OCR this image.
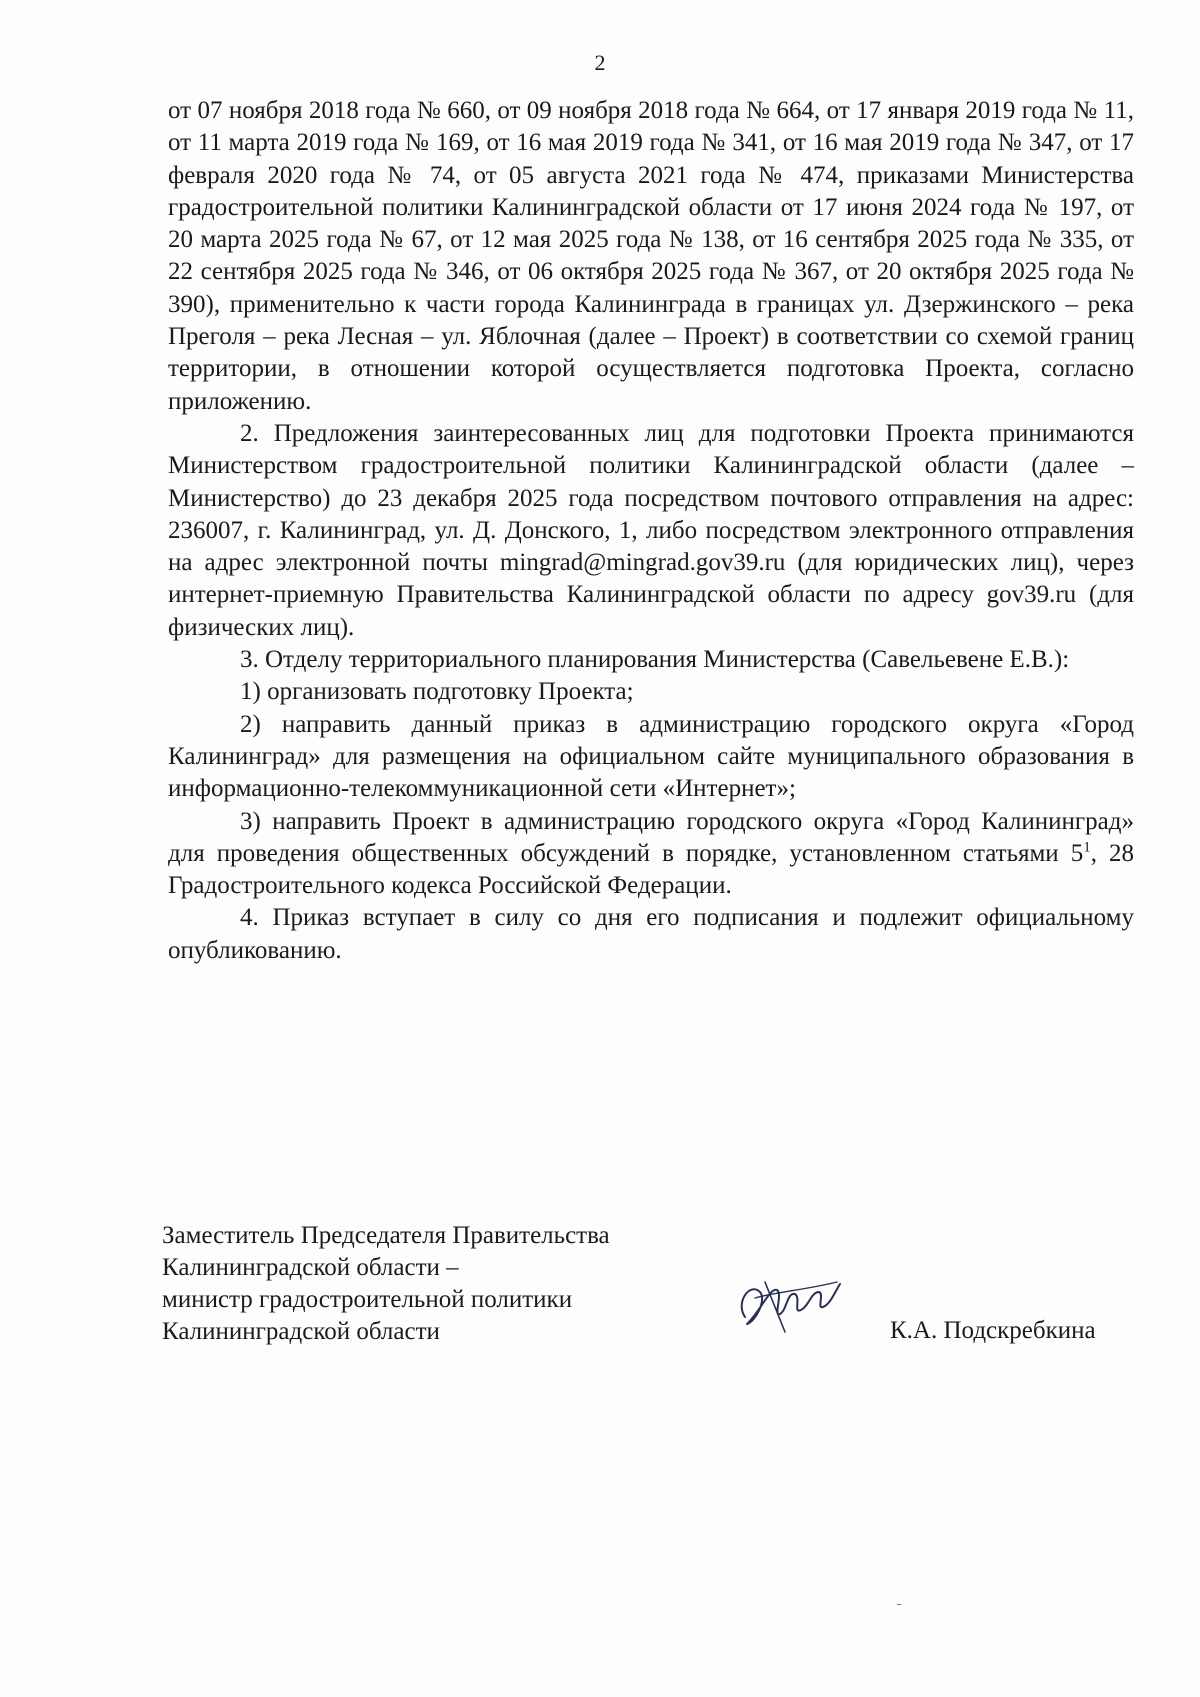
2

от 07 ноября 2018 года № 660, от 09 ноября 2018 года № 664, от 17 января 2019 года № 11, от 11 марта 2019 года № 169, от 16 мая 2019 года № 341, от 16 мая 2019 года № 347, от 17 февраля 2020 года № 74, от 05 августа 2021 года № 474, приказами Министерства градостроительной политики Калининградской области от 17 июня 2024 года № 197, от 20 марта 2025 года № 67, от 12 мая 2025 года № 138, от 16 сентября 2025 года № 335, от 22 сентября 2025 года № 346, от 06 октября 2025 года № 367, от 20 октября 2025 года № 390), применительно к части города Калининграда в границах ул. Дзержинского – река Преголя – река Лесная – ул. Яблочная (далее – Проект) в соответствии со схемой границ территории, в отношении которой осуществляется подготовка Проекта, согласно приложению.

2. Предложения заинтересованных лиц для подготовки Проекта принимаются Министерством градостроительной политики Калининградской области (далее – Министерство) до 23 декабря 2025 года посредством почтового отправления на адрес: 236007, г. Калининград, ул. Д. Донского, 1, либо посредством электронного отправления на адрес электронной почты mingrad@mingrad.gov39.ru (для юридических лиц), через интернет-приемную Правительства Калининградской области по адресу gov39.ru (для физических лиц).

3. Отделу территориального планирования Министерства (Савельевене Е.В.):

1) организовать подготовку Проекта;

2) направить данный приказ в администрацию городского округа «Город Калининград» для размещения на официальном сайте муниципального образования в информационно-телекоммуникационной сети «Интернет»;

3) направить Проект в администрацию городского округа «Город Калининград» для проведения общественных обсуждений в порядке, установленном статьями $5^1$, 28 Градостроительного кодекса Российской Федерации.

4. Приказ вступает в силу со дня его подписания и подлежит официальному опубликованию.

Заместитель Председателя Правительства
Калининградской области –
министр градостроительной политики
Калининградской области	К.А. Подскребкина
